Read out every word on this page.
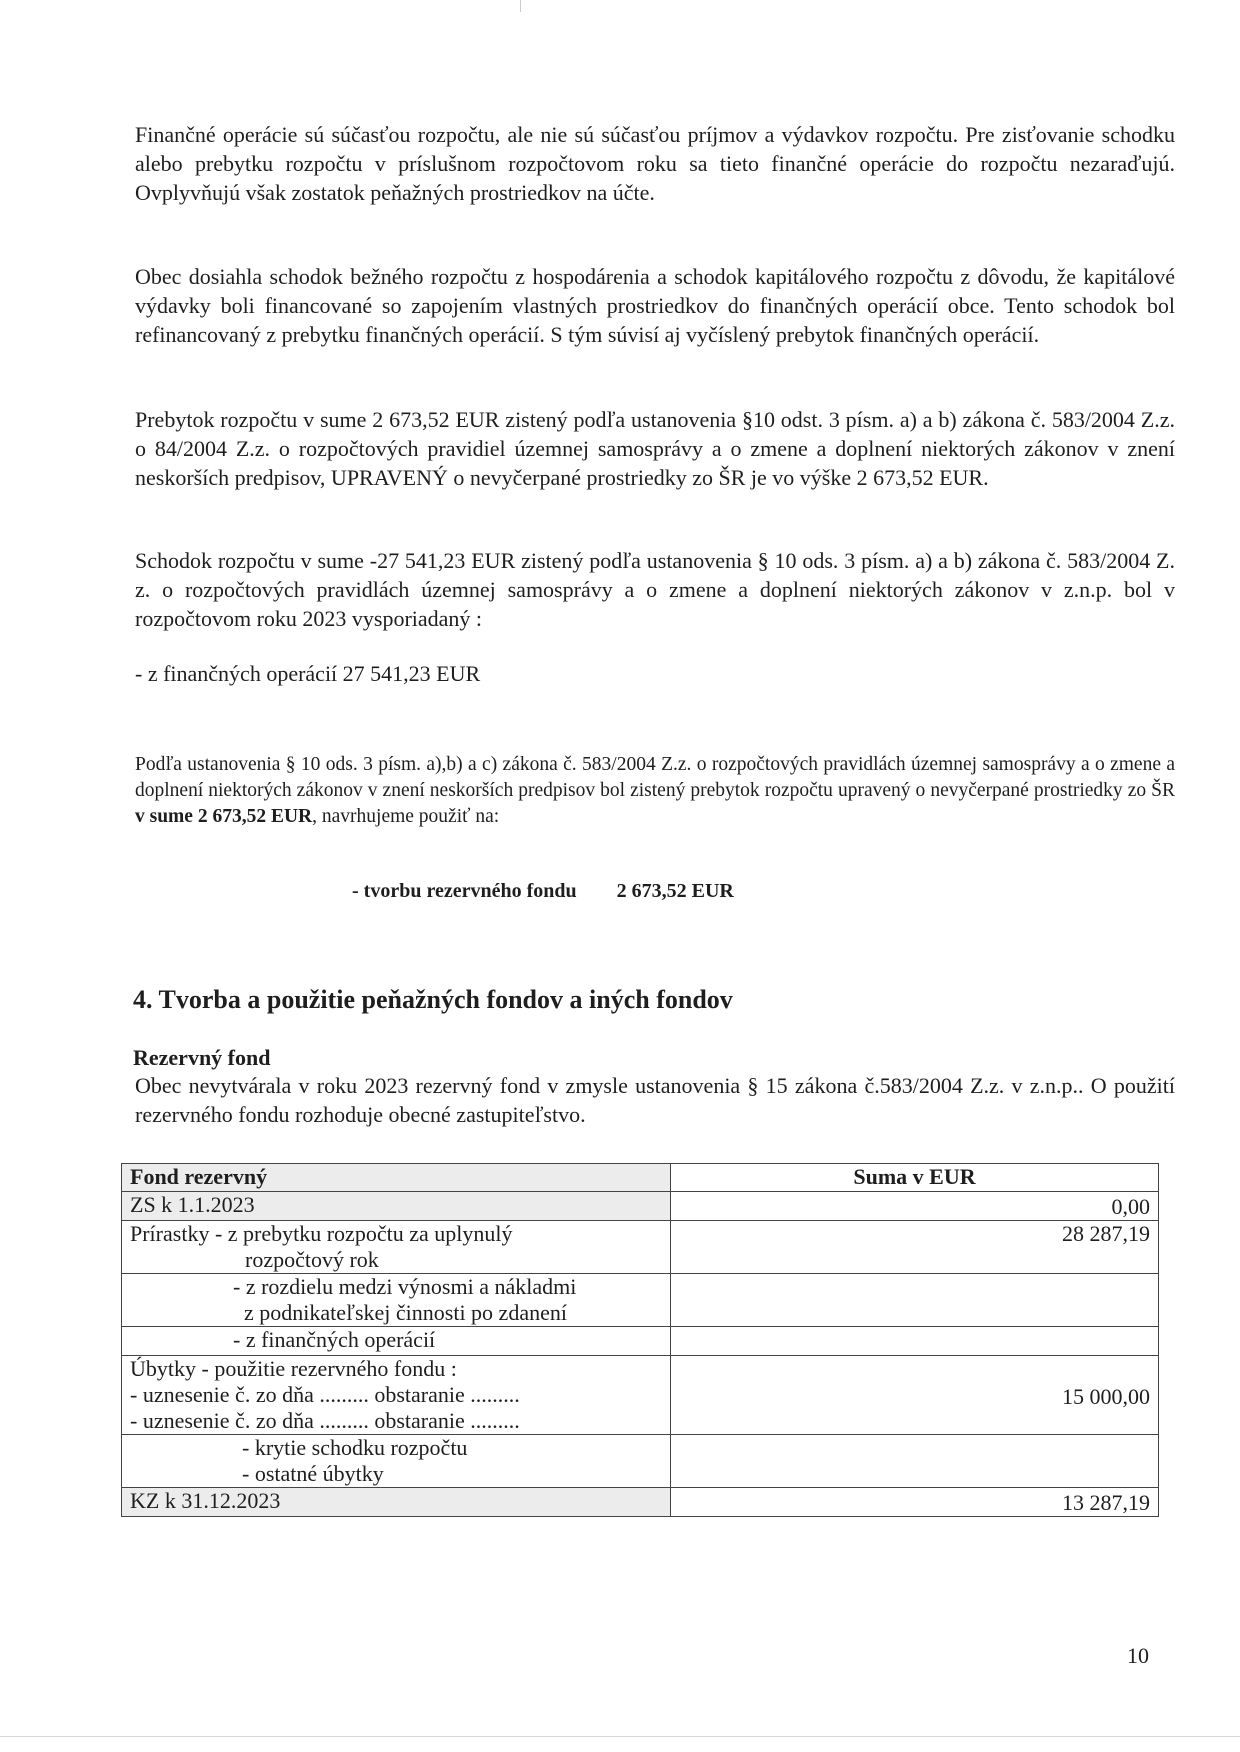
Finančné operácie sú súčasťou rozpočtu, ale nie sú súčasťou príjmov a výdavkov rozpočtu. Pre zisťovanie schodku alebo prebytku rozpočtu v príslušnom rozpočtovom roku sa tieto finančné operácie do rozpočtu nezaraďujú. Ovplyvňujú však zostatok peňažných prostriedkov na účte.

Obec dosiahla schodok bežného rozpočtu z hospodárenia a schodok kapitálového rozpočtu z dôvodu, že kapitálové výdavky boli financované so zapojením vlastných prostriedkov do finančných operácií obce. Tento schodok bol refinancovaný z prebytku finančných operácií. S tým súvisí aj vyčíslený prebytok finančných operácií.

Prebytok rozpočtu v sume 2 673,52 EUR zistený podľa ustanovenia §10 odst. 3 písm. a) a b) zákona č. 583/2004 Z.z. o 84/2004 Z.z. o rozpočtových pravidiel územnej samosprávy a o zmene a doplnení niektorých zákonov v znení neskorších predpisov, UPRAVENÝ o nevyčerpané prostriedky zo ŠR je vo výške 2 673,52 EUR.

Schodok rozpočtu v sume -27 541,23 EUR zistený podľa ustanovenia § 10 ods. 3 písm. a) a b) zákona č. 583/2004 Z. z. o rozpočtových pravidlách územnej samosprávy a o zmene a doplnení niektorých zákonov v z.n.p. bol v rozpočtovom roku 2023 vysporiadaný :

- z finančných operácií 27 541,23 EUR

Podľa ustanovenia § 10 ods. 3 písm. a),b) a c) zákona č. 583/2004 Z.z. o rozpočtových pravidlách územnej samosprávy a o zmene a doplnení niektorých zákonov v znení neskorších predpisov bol zistený prebytok rozpočtu upravený o nevyčerpané prostriedky zo ŠR v sume 2 673,52 EUR, navrhujeme použiť na:

- tvorbu rezervného fondu 2 673,52 EUR
4. Tvorba a použitie peňažných fondov a iných fondov
Rezervný fond

Obec nevytvárala v roku 2023 rezervný fond v zmysle ustanovenia § 15 zákona č.583/2004 Z.z. v z.n.p.. O použití rezervného fondu rozhoduje obecné zastupiteľstvo.

Fond rezervný	Suma v EUR
ZS k 1.1.2023	0,00
Prírastky - z prebytku rozpočtu za uplynulý
rozpočtový rok	28 287,19
- z rozdielu medzi výnosmi a nákladmi
z podnikateľskej činnosti po zdanení	
- z finančných operácií	
Úbytky - použitie rezervného fondu :
- uznesenie č. zo dňa ......... obstaranie .........
- uznesenie č. zo dňa ......... obstaranie .........	15 000,00
- krytie schodku rozpočtu
- ostatné úbytky	
KZ k 31.12.2023	13 287,19
10
